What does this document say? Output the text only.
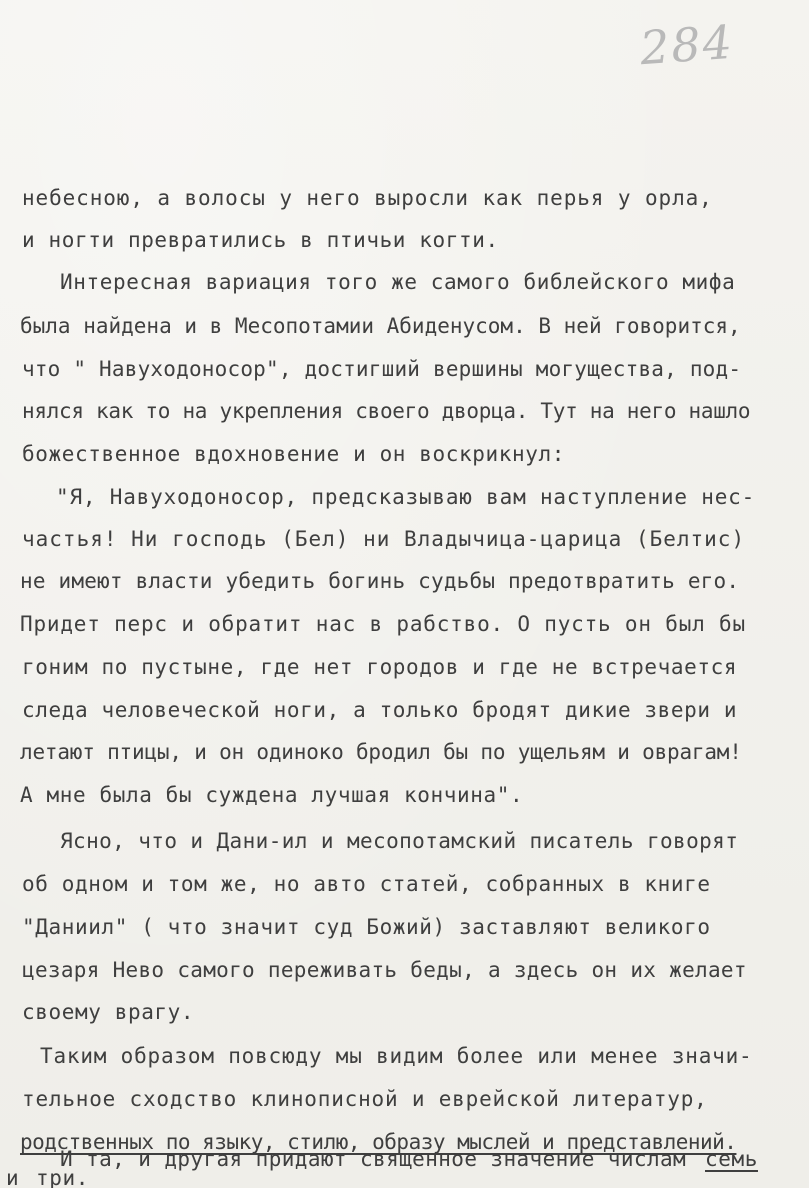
284
небесною, а волосы у него выросли как перья у орла,
и ногти превратились в птичьи когти.
Интересная вариация того же самого библейского мифа
была найдена и в Месопотамии Абиденусом. В ней говорится,
что " Навуходоносор", достигший вершины могущества, под-
нялся как то на укрепления своего дворца. Тут на него нашло
божественное вдохновение и он воскрикнул:
"Я, Навуходоносор, предсказываю вам наступление нес-
частья! Ни господь (Бел) ни Владычица-царица (Белтис)
не имеют власти убедить богинь судьбы предотвратить его.
Придет перс и обратит нас в рабство. О пусть он был бы
гоним по пустыне, где нет городов и где не встречается
следа человеческой ноги, а только бродят дикие звери и
летают птицы, и он одиноко бродил бы по ущельям и оврагам!
А мне была бы суждена лучшая кончина".
Ясно, что и Дани-ил и месопотамский писатель говорят
об одном и том же, но авто статей, собранных в книге
"Даниил" ( что значит суд Божий) заставляют великого
цезаря Нево самого переживать беды, а здесь он их желает
своему врагу.
Таким образом повсюду мы видим более или менее значи-
тельное сходство клинописной и еврейской литератур,
родственных по языку, стилю, образу мыслей и представлений.
И та, и другая придают священное значение числам семь
и три.
